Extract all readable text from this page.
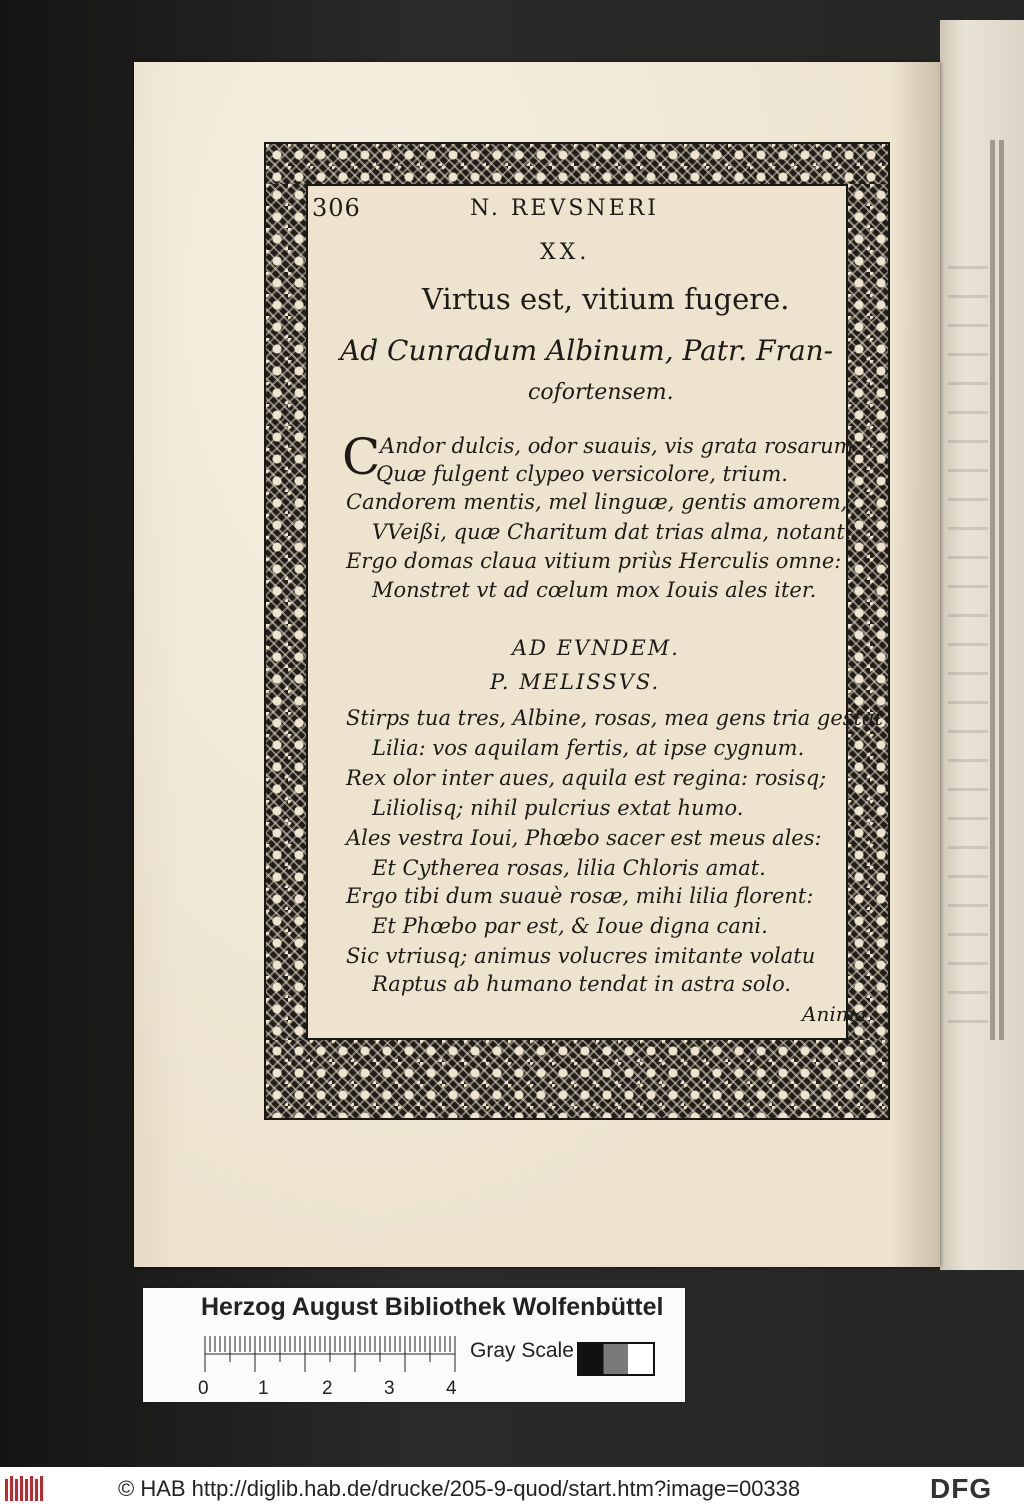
306	N. REVSNERI
XX.
Virtus est, vitium fugere.
Ad Cunradum Albinum, Patr. Fran-
cofortensem.
C Andor dulcis, odor suauis, vis grata rosarum,
Quæ fulgent clypeo versicolore, trium.
Candorem mentis, mel linguæ, gentis amorem,
VVeißi, quæ Charitum dat trias alma, notant.
Ergo domas claua vitium priùs Herculis omne:
Monstret vt ad cœlum mox Iouis ales iter.
AD EVNDEM.
P. MELISSVS.
Stirps tua tres, Albine, rosas, mea gens tria gestat
Lilia: vos aquilam fertis, at ipse cygnum.
Rex olor inter aues, aquila est regina: rosisq;
Liliolisq; nihil pulcrius extat humo.
Ales vestra Ioui, Phœbo sacer est meus ales:
Et Cytherea rosas, lilia Chloris amat.
Ergo tibi dum suauè rosæ, mihi lilia florent:
Et Phœbo par est, & Ioue digna cani.
Sic vtriusq; animus volucres imitante volatu
Raptus ab humano tendat in astra solo.
Anima
Herzog August Bibliothek Wolfenbüttel
0	1	2	3	4
Gray Scale
© HAB http://diglib.hab.de/drucke/205-9-quod/start.htm?image=00338	DFG
